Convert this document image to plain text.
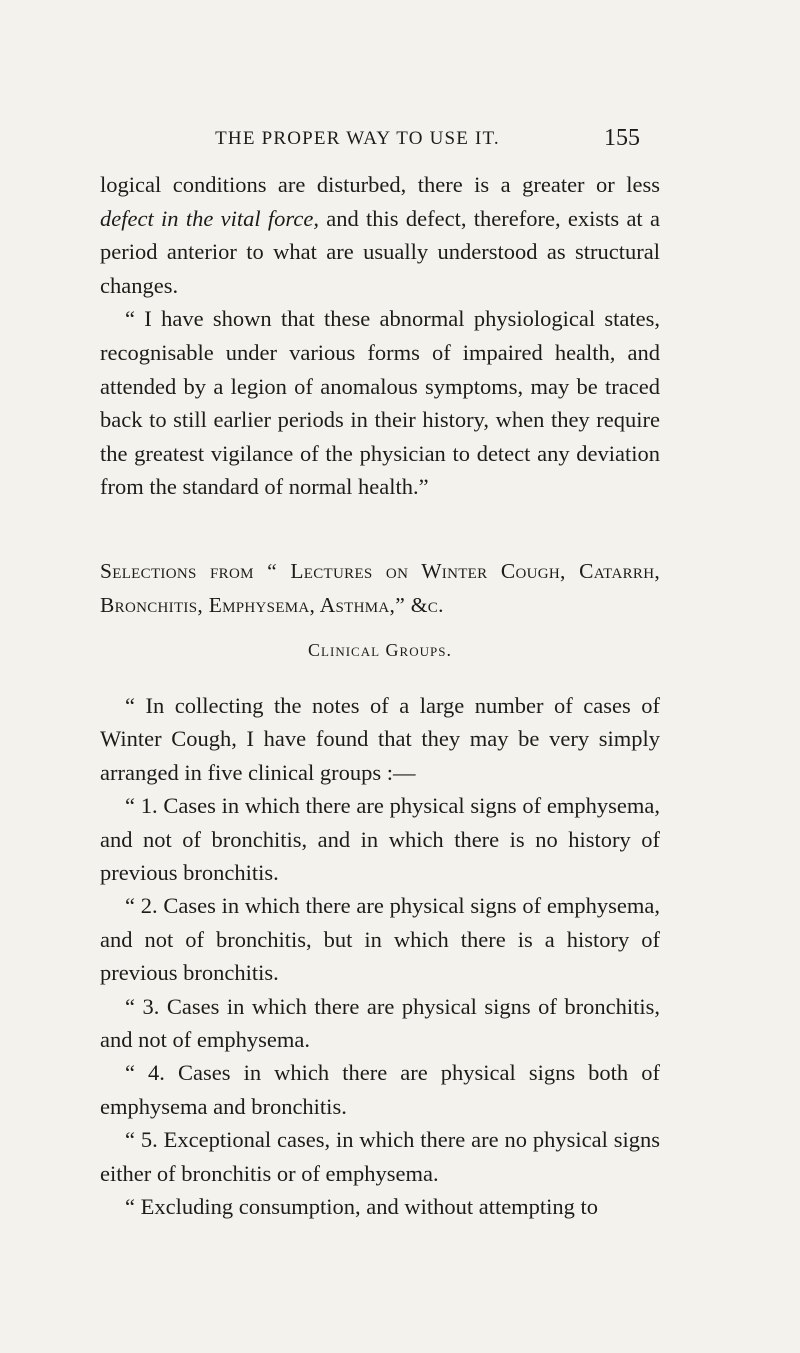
THE PROPER WAY TO USE IT.	155

logical conditions are disturbed, there is a greater or less defect in the vital force, and this defect, therefore, exists at a period anterior to what are usually understood as structural changes.

“ I have shown that these abnormal physiological states, recognisable under various forms of impaired health, and attended by a legion of anomalous symptoms, may be traced back to still earlier periods in their history, when they require the greatest vigilance of the physician to detect any deviation from the standard of normal health.”

Selections from “ Lectures on Winter Cough, Catarrh, Bronchitis, Emphysema, Asthma,” &c.
Clinical Groups.

“ In collecting the notes of a large number of cases of Winter Cough, I have found that they may be very simply arranged in five clinical groups :—

“ 1. Cases in which there are physical signs of emphysema, and not of bronchitis, and in which there is no history of previous bronchitis.

“ 2. Cases in which there are physical signs of emphysema, and not of bronchitis, but in which there is a history of previous bronchitis.

“ 3. Cases in which there are physical signs of bronchitis, and not of emphysema.

“ 4. Cases in which there are physical signs both of emphysema and bronchitis.

“ 5. Exceptional cases, in which there are no physical signs either of bronchitis or of emphysema.

“ Excluding consumption, and without attempting to
